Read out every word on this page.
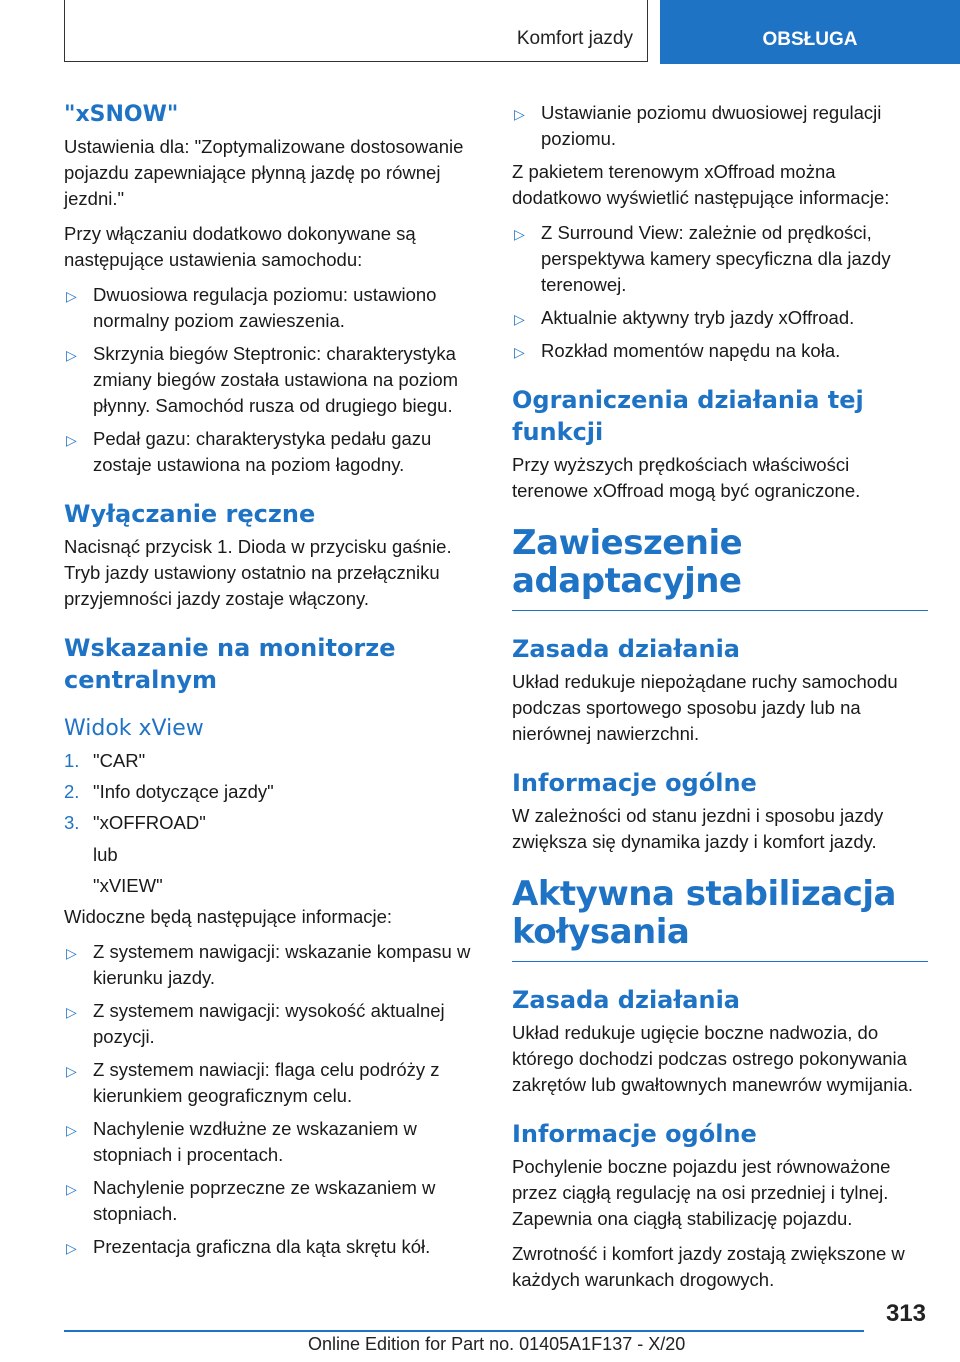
Komfort jazdy	OBSŁUGA
"xSNOW"

Ustawienia dla: "Zoptymalizowane dostosowanie pojazdu zapewniające płynną jazdę po równej jezdni."

Przy włączaniu dodatkowo dokonywane są następujące ustawienia samochodu:

▷ Dwuosiowa regulacja poziomu: ustawiono normalny poziom zawieszenia.
▷ Skrzynia biegów Steptronic: charakterystyka zmiany biegów została ustawiona na poziom płynny. Samochód rusza od drugiego biegu.
▷ Pedał gazu: charakterystyka pedału gazu zostaje ustawiona na poziom łagodny.
Wyłączanie ręczne

Nacisnąć przycisk 1. Dioda w przycisku gaśnie. Tryb jazdy ustawiony ostatnio na przełączniku przyjemności jazdy zostaje włączony.

Wskazanie na monitorze centralnym
Widok xView
1. "CAR"
2. "Info dotyczące jazdy"
3. "xOFFROAD"
lub
"xVIEW"

Widoczne będą następujące informacje:

▷ Z systemem nawigacji: wskazanie kompasu w kierunku jazdy.
▷ Z systemem nawigacji: wysokość aktualnej pozycji.
▷ Z systemem nawiacji: flaga celu podróży z kierunkiem geograficznym celu.
▷ Nachylenie wzdłużne ze wskazaniem w stopniach i procentach.
▷ Nachylenie poprzeczne ze wskazaniem w stopniach.
▷ Prezentacja graficzna dla kąta skrętu kół.
▷ Ustawianie poziomu dwuosiowej regulacji poziomu.

Z pakietem terenowym xOffroad można dodatkowo wyświetlić następujące informacje:

▷ Z Surround View: zależnie od prędkości, perspektywa kamery specyficzna dla jazdy terenowej.
▷ Aktualnie aktywny tryb jazdy xOffroad.
▷ Rozkład momentów napędu na koła.
Ograniczenia działania tej funkcji

Przy wyższych prędkościach właściwości terenowe xOffroad mogą być ograniczone.

Zawieszenie adaptacyjne
Zasada działania

Układ redukuje niepożądane ruchy samochodu podczas sportowego sposobu jazdy lub na nierównej nawierzchni.

Informacje ogólne

W zależności od stanu jezdni i sposobu jazdy zwiększa się dynamika jazdy i komfort jazdy.

Aktywna stabilizacja kołysania
Zasada działania

Układ redukuje ugięcie boczne nadwozia, do którego dochodzi podczas ostrego pokonywania zakrętów lub gwałtownych manewrów wymijania.

Informacje ogólne

Pochylenie boczne pojazdu jest równoważone przez ciągłą regulację na osi przedniej i tylnej. Zapewnia ona ciągłą stabilizację pojazdu.

Zwrotność i komfort jazdy zostają zwiększone w każdych warunkach drogowych.

313
Online Edition for Part no. 01405A1F137 - X/20
